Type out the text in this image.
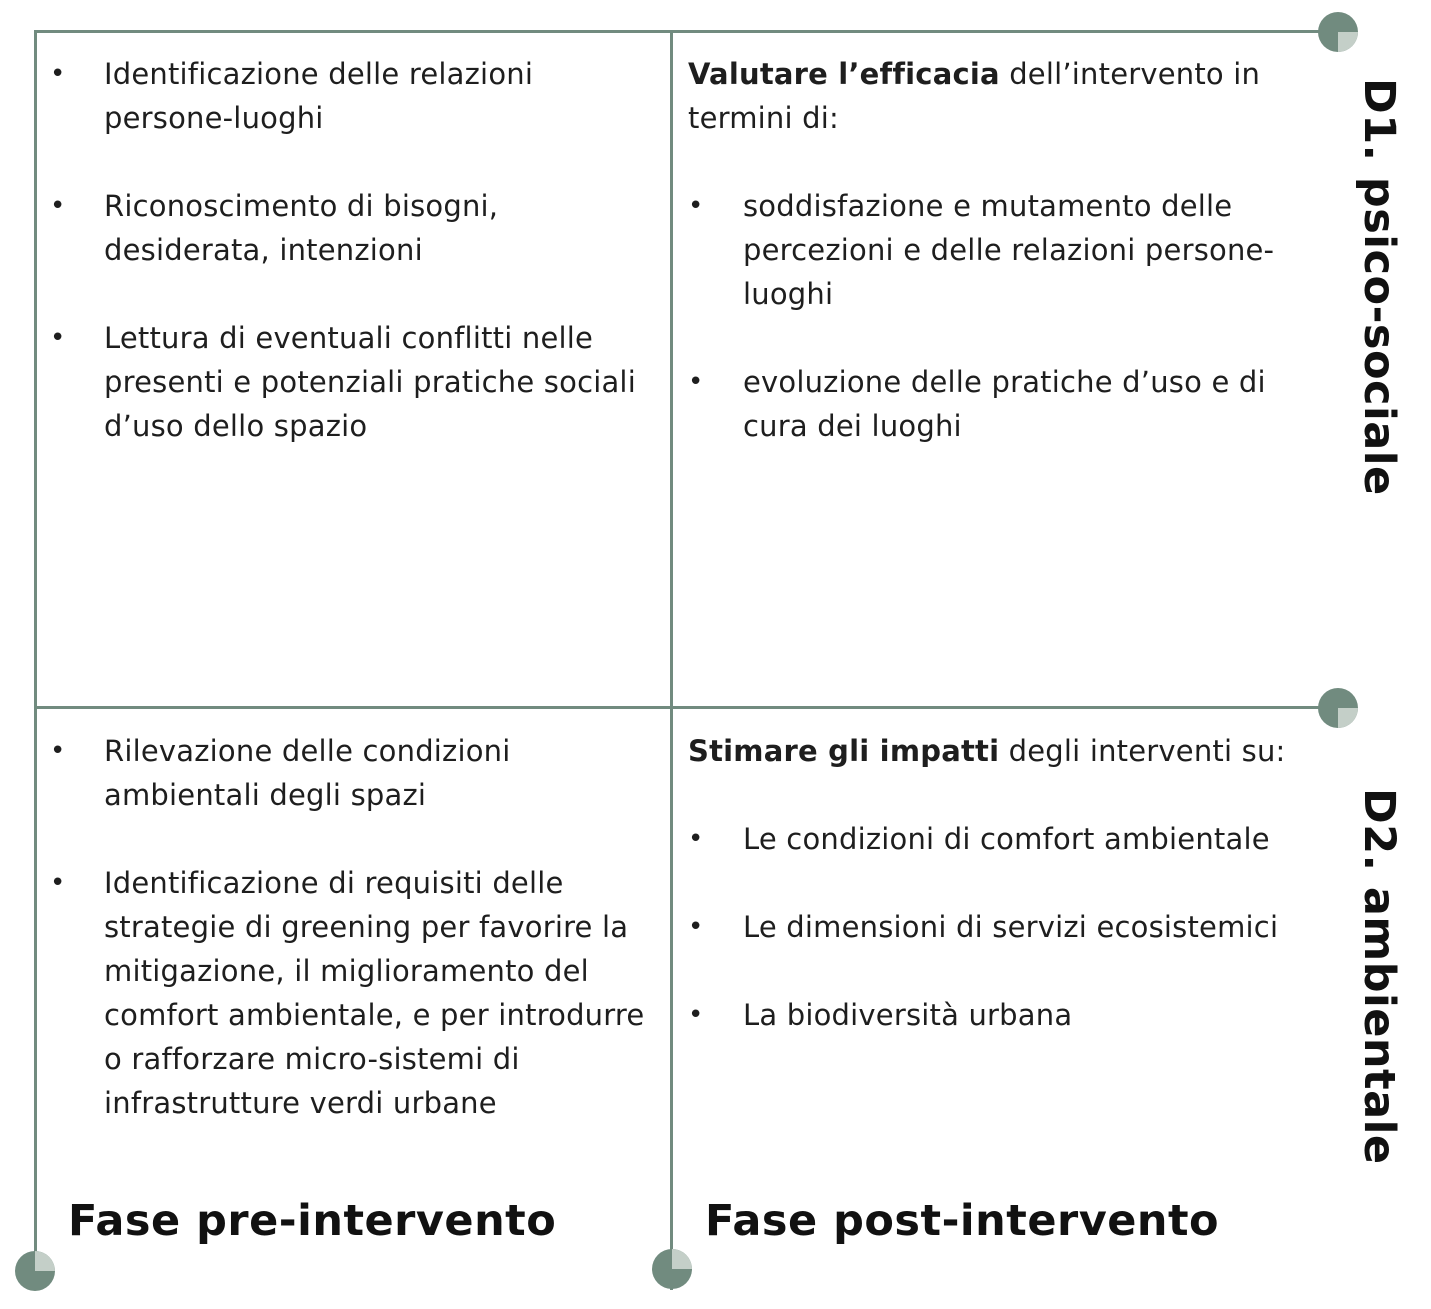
• Identificazione delle relazioni persone-luoghi
• Riconoscimento di bisogni, desiderata, intenzioni
• Lettura di eventuali conflitti nelle presenti e potenziali pratiche sociali d’uso dello spazio

Valutare l’efficacia dell’intervento in termini di:

• soddisfazione e mutamento delle percezioni e delle relazioni persone-luoghi
• evoluzione delle pratiche d’uso e di cura dei luoghi
• Rilevazione delle condizioni ambientali degli spazi
• Identificazione di requisiti delle strategie di greening per favorire la mitigazione, il miglioramento del comfort ambientale, e per introdurre o rafforzare micro-sistemi di infrastrutture verdi urbane

Stimare gli impatti degli interventi su:

• Le condizioni di comfort ambientale
• Le dimensioni di servizi ecosistemici
• La biodiversità urbana
Fase pre-intervento	Fase post-intervento
D1. psico-sociale
D2. ambientale
